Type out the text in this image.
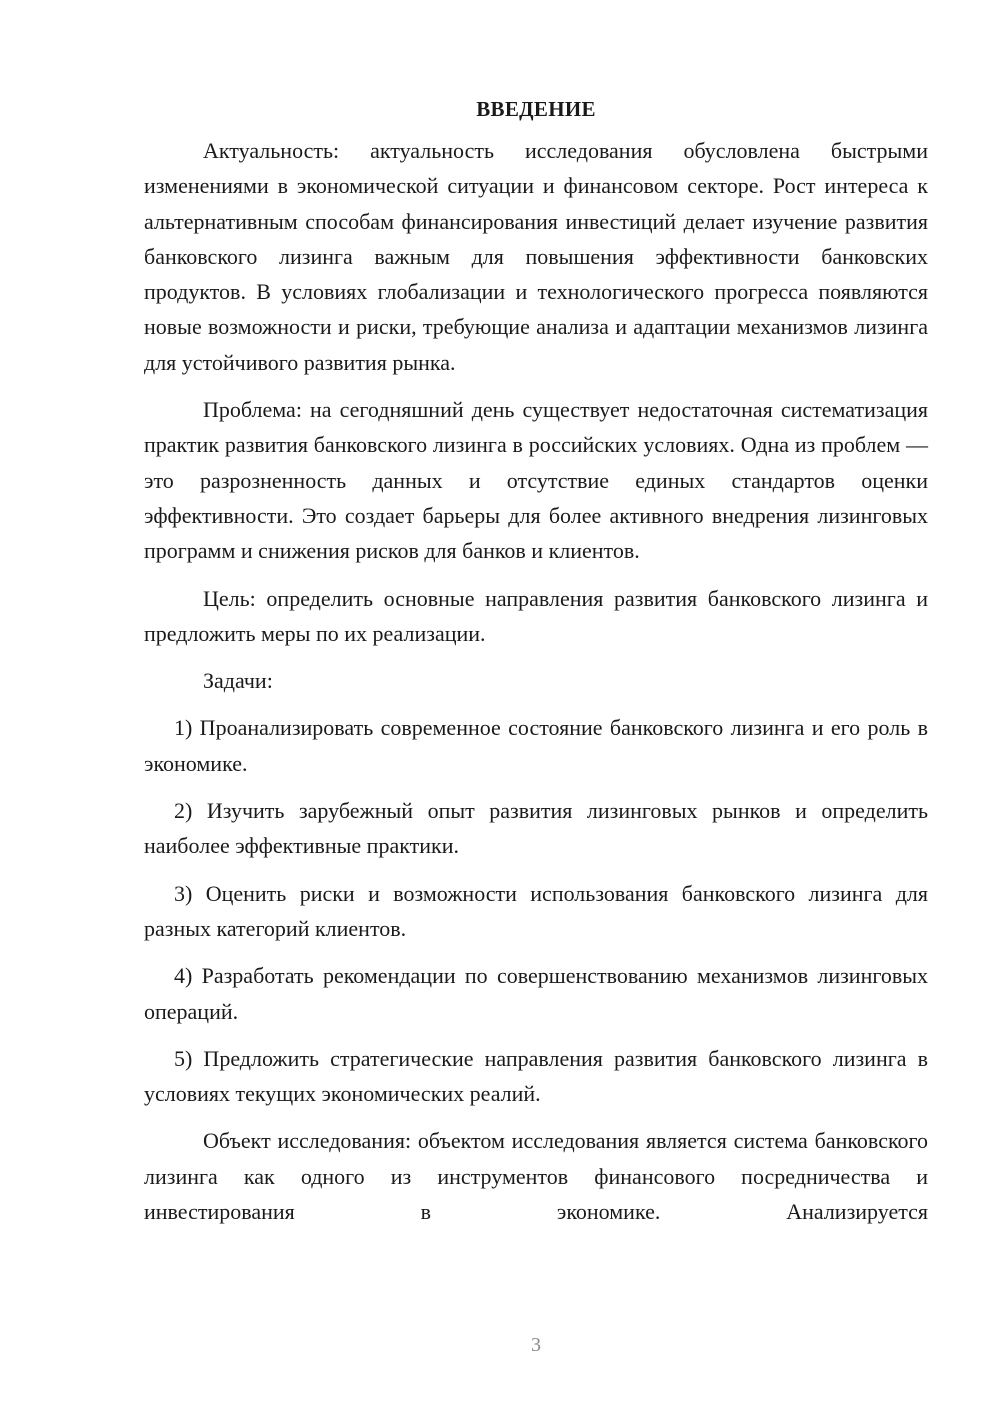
ВВЕДЕНИЕ

Актуальность: актуальность исследования обусловлена быстрыми изменениями в экономической ситуации и финансовом секторе. Рост интереса к альтернативным способам финансирования инвестиций делает изучение развития банковского лизинга важным для повышения эффективности банковских продуктов. В условиях глобализации и технологического прогресса появляются новые возможности и риски, требующие анализа и адаптации механизмов лизинга для устойчивого развития рынка.

Проблема: на сегодняшний день существует недостаточная систематизация практик развития банковского лизинга в российских условиях. Одна из проблем — это разрозненность данных и отсутствие единых стандартов оценки эффективности. Это создает барьеры для более активного внедрения лизинговых программ и снижения рисков для банков и клиентов.

Цель: определить основные направления развития банковского лизинга и предложить меры по их реализации.

Задачи:

1) Проанализировать современное состояние банковского лизинга и его роль в экономике.

2) Изучить зарубежный опыт развития лизинговых рынков и определить наиболее эффективные практики.

3) Оценить риски и возможности использования банковского лизинга для разных категорий клиентов.

4) Разработать рекомендации по совершенствованию механизмов лизинговых операций.

5) Предложить стратегические направления развития банковского лизинга в условиях текущих экономических реалий.

Объект исследования: объектом исследования является система банковского лизинга как одного из инструментов финансового посредничества и инвестирования в экономике. Анализируется

3
